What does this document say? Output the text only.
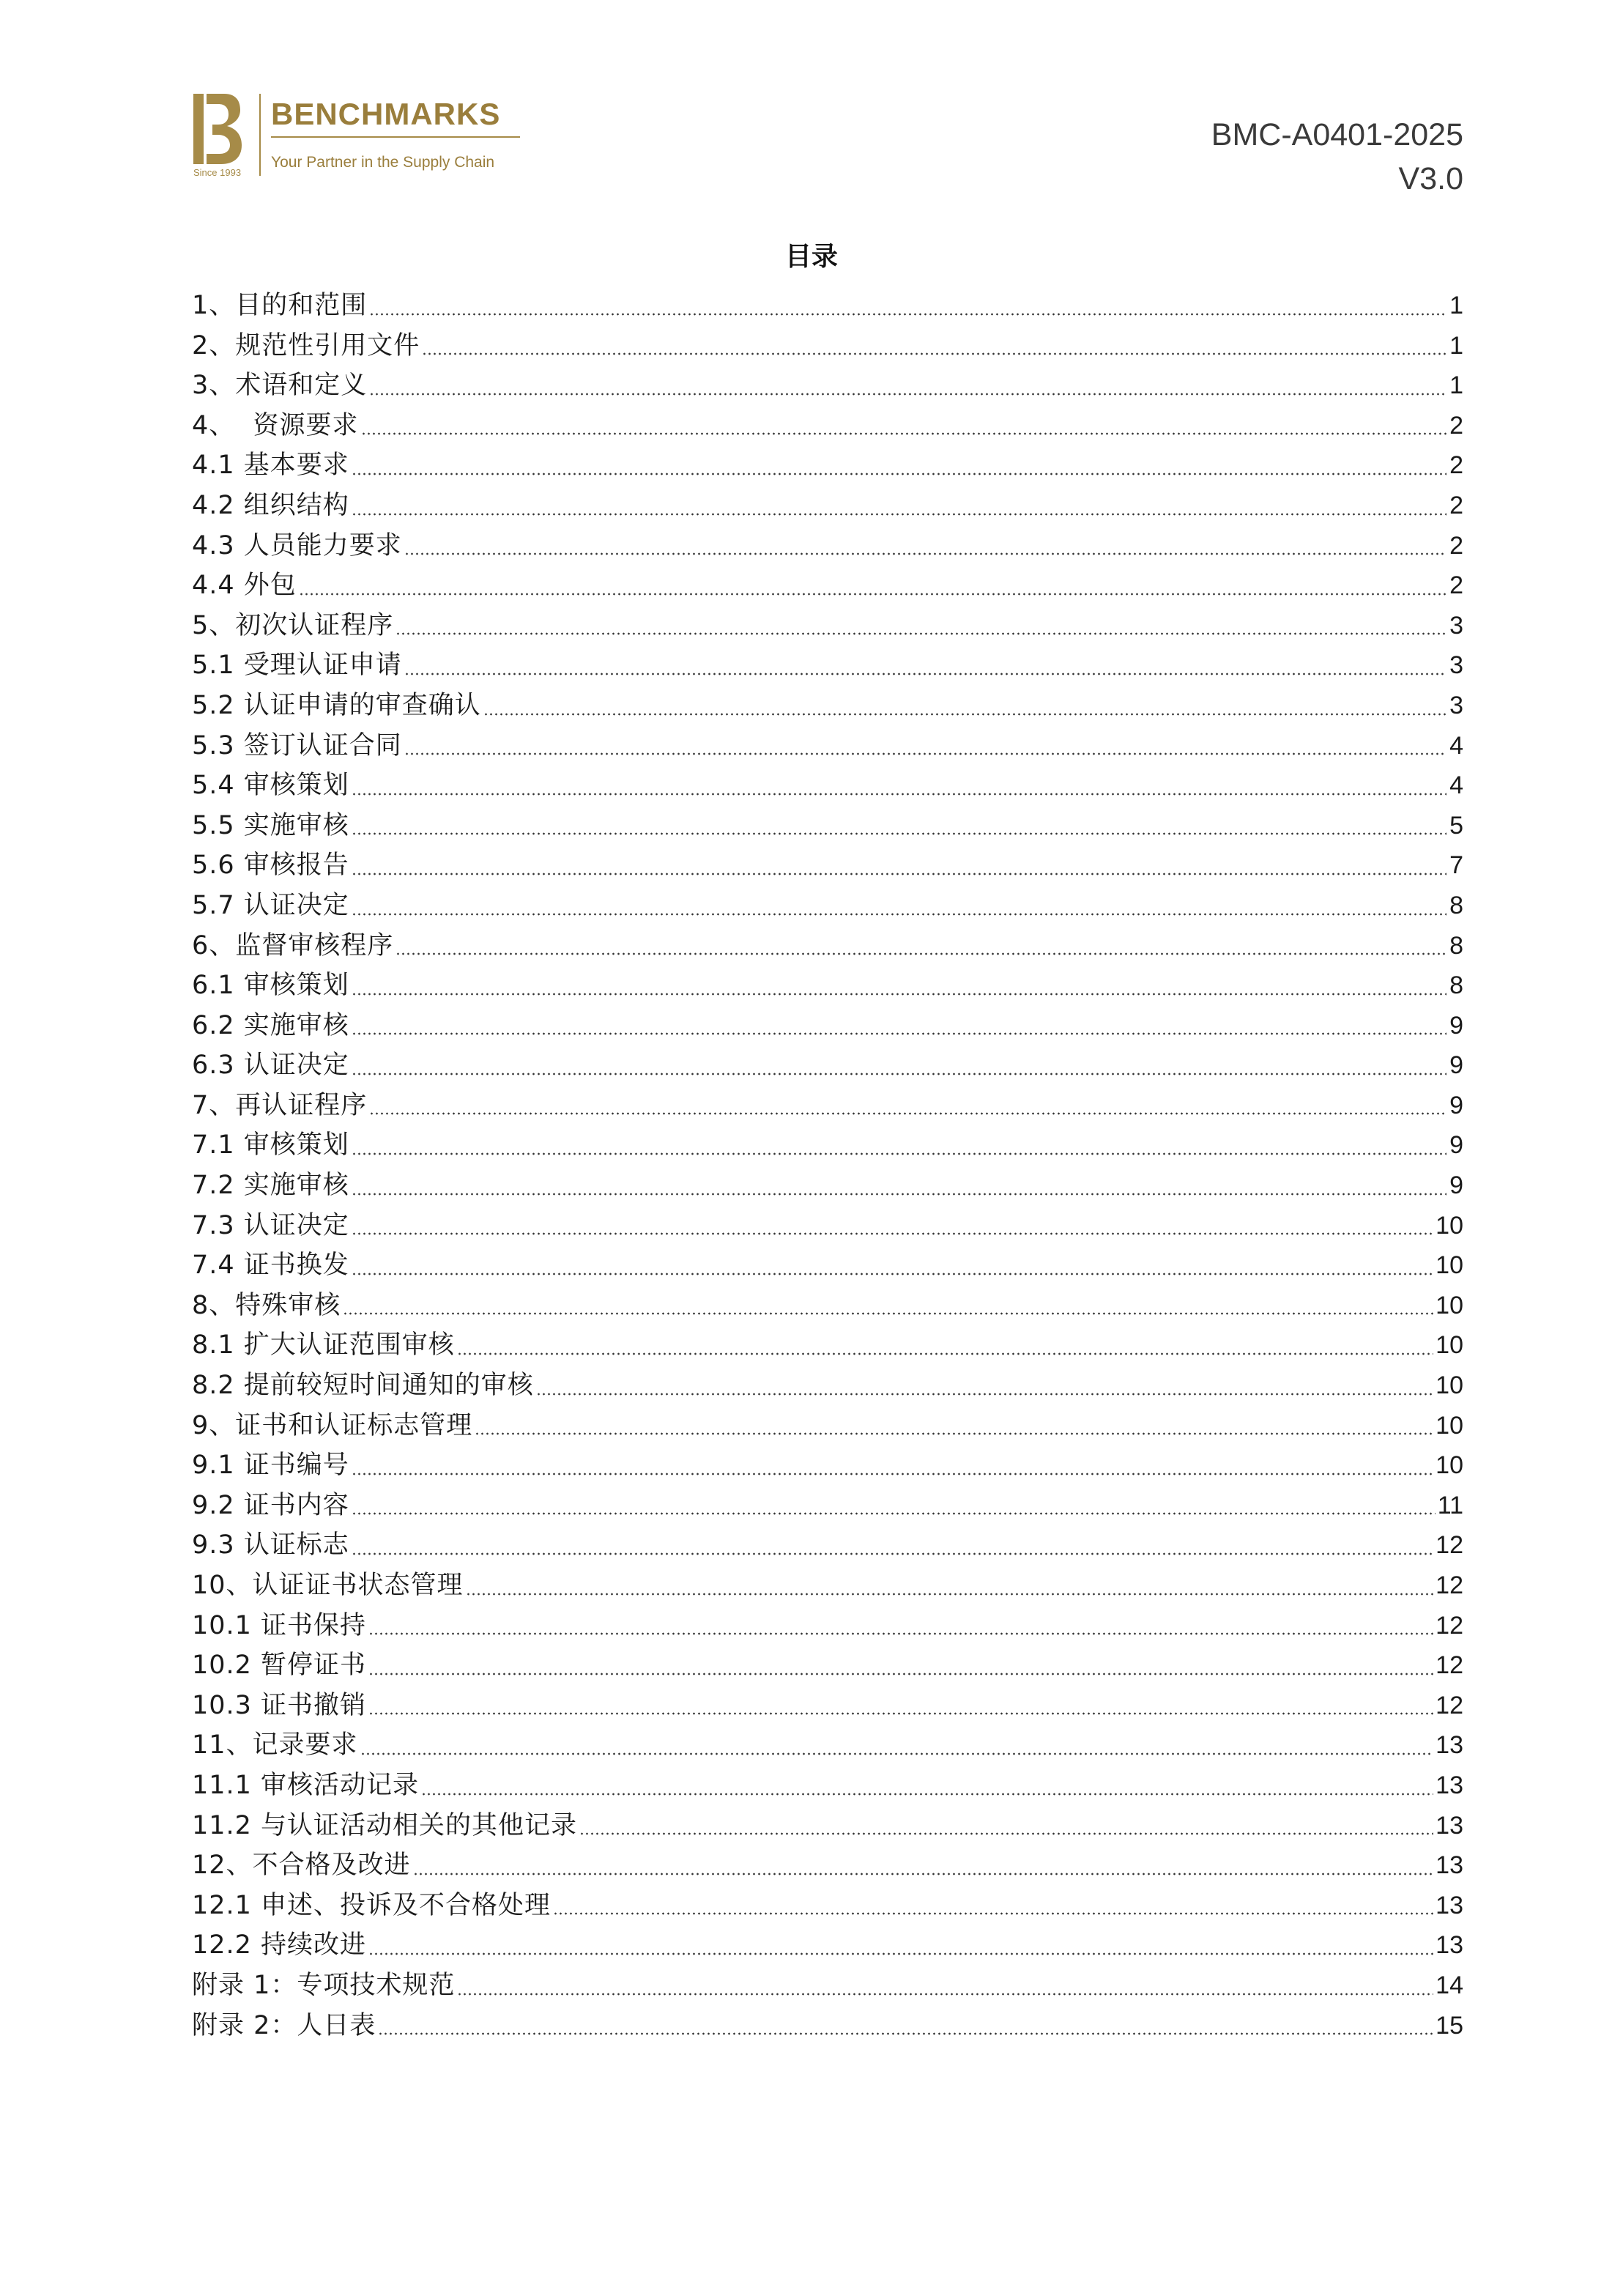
Since 1993
BENCHMARKS
Your Partner in the Supply Chain
BMC-A0401-2025
V3.0
目录
1、目的和范围	1
2、规范性引用文件	1
3、术语和定义	1
4、  资源要求	2
4.1 基本要求	2
4.2 组织结构	2
4.3 人员能力要求	2
4.4 外包	2
5、初次认证程序	3
5.1 受理认证申请	3
5.2 认证申请的审查确认	3
5.3 签订认证合同	4
5.4 审核策划	4
5.5 实施审核	5
5.6 审核报告	7
5.7 认证决定	8
6、监督审核程序	8
6.1 审核策划	8
6.2 实施审核	9
6.3 认证决定	9
7、再认证程序	9
7.1 审核策划	9
7.2 实施审核	9
7.3 认证决定	10
7.4 证书换发	10
8、特殊审核	10
8.1 扩大认证范围审核	10
8.2 提前较短时间通知的审核	10
9、证书和认证标志管理	10
9.1 证书编号	10
9.2 证书内容	11
9.3 认证标志	12
10、认证证书状态管理	12
10.1 证书保持	12
10.2 暂停证书	12
10.3 证书撤销	12
11、记录要求	13
11.1 审核活动记录	13
11.2 与认证活动相关的其他记录	13
12、不合格及改进	13
12.1 申述、投诉及不合格处理	13
12.2 持续改进	13
附录 1：专项技术规范	14
附录 2：人日表	15
